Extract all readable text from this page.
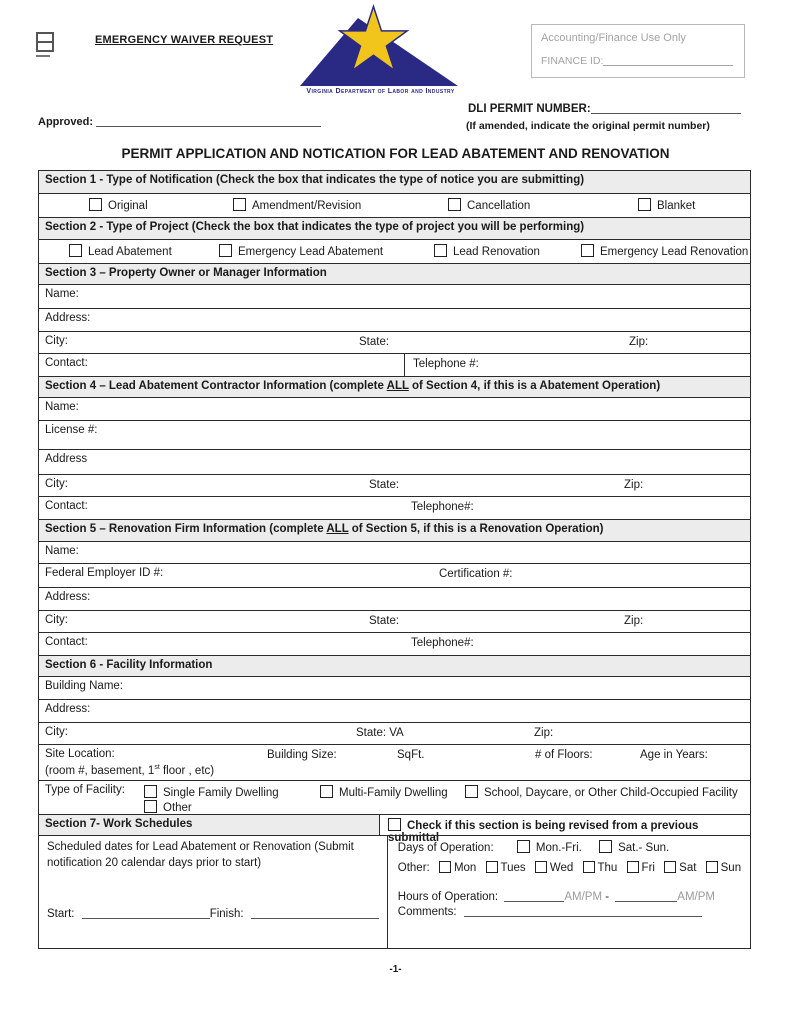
EMERGENCY WAIVER REQUEST ★
Virginia Department of Labor and Industry
Accounting/Finance Use Only
FINANCE ID:
Approved:
DLI PERMIT NUMBER:
(If amended, indicate the original permit number)
PERMIT APPLICATION AND NOTICATION FOR LEAD ABATEMENT AND RENOVATION
Section 1 - Type of Notification (Check the box that indicates the type of notice you are submitting)
Original	Amendment/Revision	Cancellation	Blanket
Section 2 - Type of Project (Check the box that indicates the type of project you will be performing)
Lead Abatement	Emergency Lead Abatement	Lead Renovation	Emergency Lead Renovation
Section 3 – Property Owner or Manager Information
Name:
Address:
City:	State:	Zip:
Contact:	Telephone #:
Section 4 – Lead Abatement Contractor Information (complete ALL of Section 4, if this is a Abatement Operation)
Name:
License #:
Address
City:	State:	Zip:
Contact:	Telephone#:
Section 5 – Renovation Firm Information (complete ALL of Section 5, if this is a Renovation Operation)
Name:
Federal Employer ID #:	Certification #:
Address:
City:	State:	Zip:
Contact:	Telephone#:
Section 6 - Facility Information
Building Name:
Address:
City:	State: VA	Zip:
Site Location:	Building Size:	SqFt.	# of Floors:	Age in Years:
(room #, basement, 1st floor , etc)
Type of Facility:	Single Family Dwelling	Multi-Family Dwelling	School, Daycare, or Other Child-Occupied Facility
Other
Section 7- Work Schedules	Check if this section is being revised from a previous submittal
Scheduled dates for Lead Abatement or Renovation (Submit notification 20 calendar days prior to start)
Start:	Finish:
Days of Operation:	Mon.-Fri.	Sat.- Sun.
Other: Mon Tues Wed Thu Fri Sat Sun
Hours of Operation:	AM/PM -	AM/PM
Comments:
-1-
